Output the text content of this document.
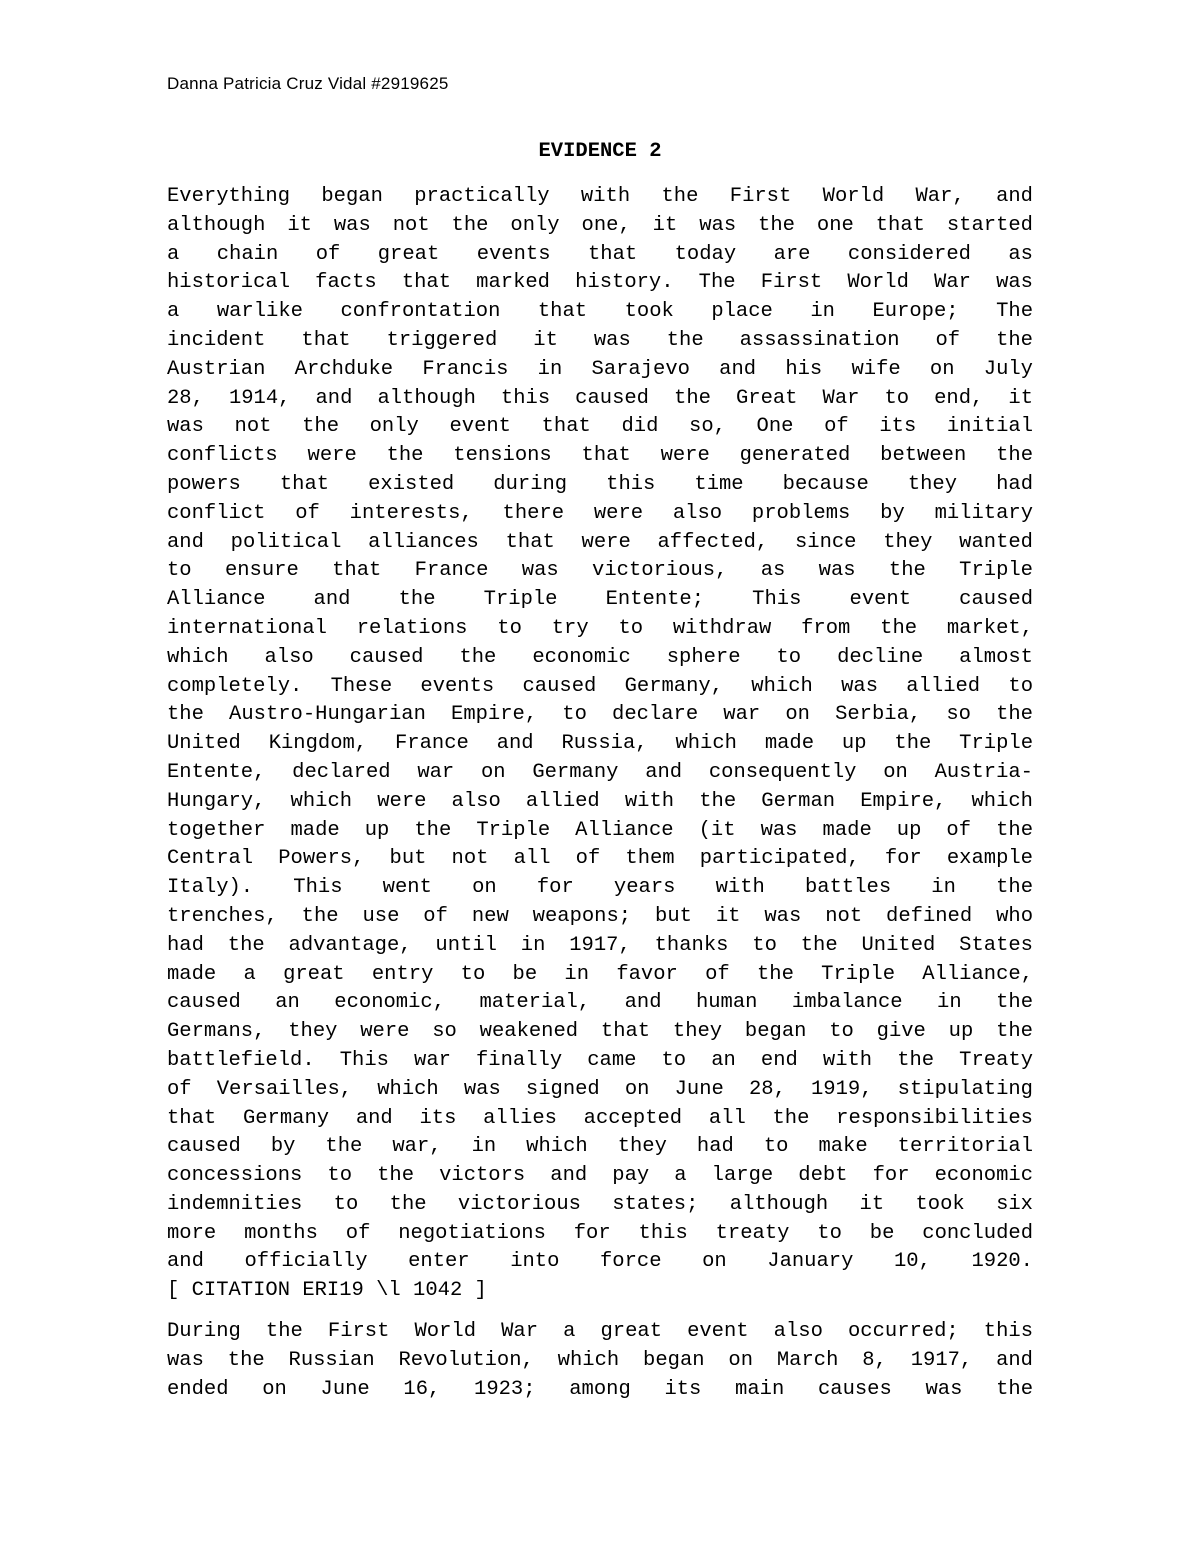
Danna Patricia Cruz Vidal #2919625
EVIDENCE 2
Everything began practically with the First World War, and
although it was not the only one, it was the one that started
a chain of great events that today are considered as
historical facts that marked history. The First World War was
a warlike confrontation that took place in Europe; The
incident that triggered it was the assassination of the
Austrian Archduke Francis in Sarajevo and his wife on July
28, 1914, and although this caused the Great War to end, it
was not the only event that did so, One of its initial
conflicts were the tensions that were generated between the
powers that existed during this time because they had
conflict of interests, there were also problems by military
and political alliances that were affected, since they wanted
to ensure that France was victorious, as was the Triple
Alliance and the Triple Entente; This event caused
international relations to try to withdraw from the market,
which also caused the economic sphere to decline almost
completely. These events caused Germany, which was allied to
the Austro-Hungarian Empire, to declare war on Serbia, so the
United Kingdom, France and Russia, which made up the Triple
Entente, declared war on Germany and consequently on Austria-
Hungary, which were also allied with the German Empire, which
together made up the Triple Alliance (it was made up of the
Central Powers, but not all of them participated, for example
Italy). This went on for years with battles in the
trenches, the use of new weapons; but it was not defined who
had the advantage, until in 1917, thanks to the United States
made a great entry to be in favor of the Triple Alliance,
caused an economic, material, and human imbalance in the
Germans, they were so weakened that they began to give up the
battlefield. This war finally came to an end with the Treaty
of Versailles, which was signed on June 28, 1919, stipulating
that Germany and its allies accepted all the responsibilities
caused by the war, in which they had to make territorial
concessions to the victors and pay a large debt for economic
indemnities to the victorious states; although it took six
more months of negotiations for this treaty to be concluded
and officially enter into force on January 10, 1920.
[ CITATION ERI19 \l 1042 ]
During the First World War a great event also occurred; this
was the Russian Revolution, which began on March 8, 1917, and
ended on June 16, 1923; among its main causes was the
